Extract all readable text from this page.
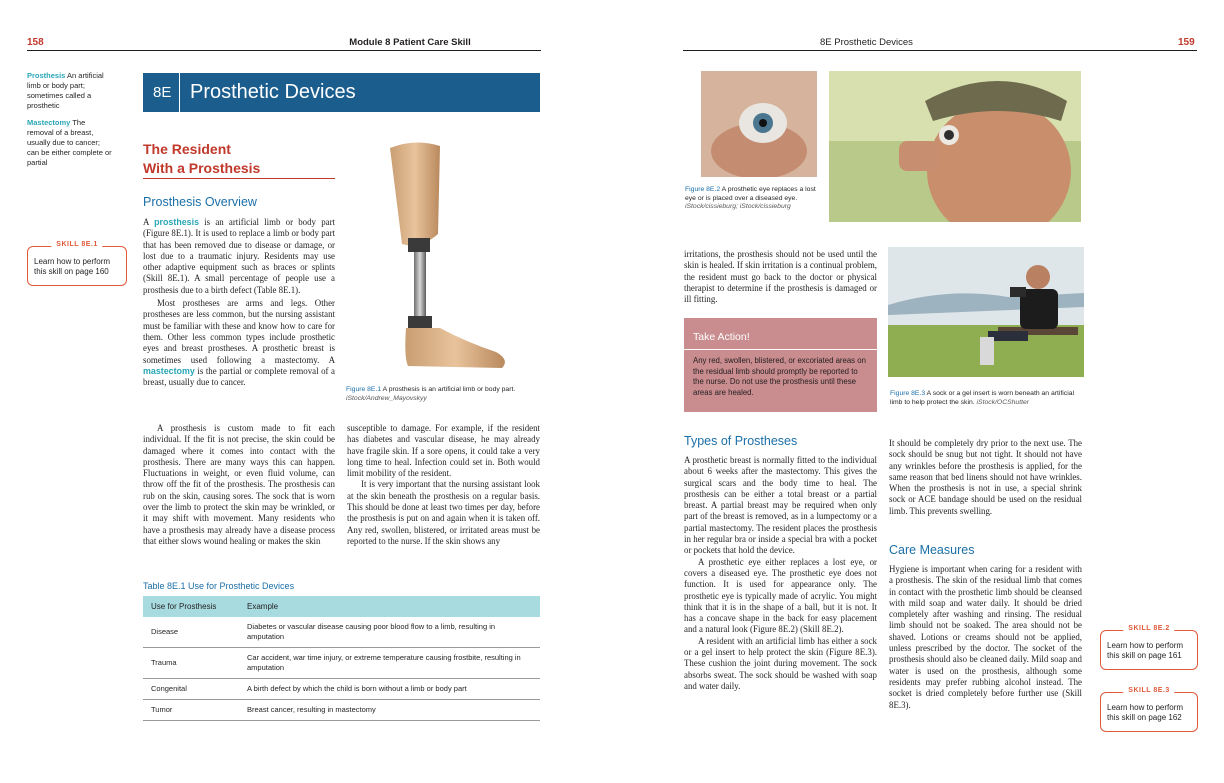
158	Module 8 Patient Care Skill
Prosthesis An artificial limb or body part; sometimes called a prosthetic
Mastectomy The removal of a breast, usually due to cancer; can be either complete or partial
SKILL 8E.1
Learn how to perform this skill on page 160
8E Prosthetic Devices
The Resident
With a Prosthesis
Prosthesis Overview

A prosthesis is an artificial limb or body part (Figure 8E.1). It is used to replace a limb or body part that has been removed due to disease or damage, or lost due to a traumatic injury. Residents may use other adaptive equipment such as braces or splints (Skill 8E.1). A small percentage of people use a prosthesis due to a birth defect (Table 8E.1).

Most prostheses are arms and legs. Other prostheses are less common, but the nursing assistant must be familiar with these and know how to care for them. Other less common types include prosthetic eyes and breast prostheses. A prosthetic breast is sometimes used following a mastectomy. A mastectomy is the partial or complete removal of a breast, usually due to cancer.

Figure 8E.1 A prosthesis is an artificial limb or body part. iStock/Andrew_Mayovskyy

A prosthesis is custom made to fit each individual. If the fit is not precise, the skin could be damaged where it comes into contact with the prosthesis. There are many ways this can happen. Fluctuations in weight, or even fluid volume, can throw off the fit of the prosthesis. The prosthesis can rub on the skin, causing sores. The sock that is worn over the limb to protect the skin may be wrinkled, or it may shift with movement. Many residents who have a prosthesis may already have a disease process that either slows wound healing or makes the skin

susceptible to damage. For example, if the resident has diabetes and vascular disease, he may already have fragile skin. If a sore opens, it could take a very long time to heal. Infection could set in. Both would limit mobility of the resident.

It is very important that the nursing assistant look at the skin beneath the prosthesis on a regular basis. This should be done at least two times per day, before the prosthesis is put on and again when it is taken off. Any red, swollen, blistered, or irritated areas must be reported to the nurse. If the skin shows any

Table 8E.1 Use for Prosthetic Devices
Use for Prosthesis	Example
Disease	Diabetes or vascular disease causing poor blood flow to a limb, resulting in amputation
Trauma	Car accident, war time injury, or extreme temperature causing frostbite, resulting in amputation
Congenital	A birth defect by which the child is born without a limb or body part
Tumor	Breast cancer, resulting in mastectomy
8E Prosthetic Devices	159
Figure 8E.2 A prosthetic eye replaces a lost eye or is placed over a diseased eye. iStock/cissieburg; iStock/cissieburg

irritations, the prosthesis should not be used until the skin is healed. If skin irritation is a continual problem, the resident must go back to the doctor or physical therapist to determine if the prosthesis is damaged or ill fitting.

Take Action!
Any red, swollen, blistered, or excoriated areas on the residual limb should promptly be reported to the nurse. Do not use the prosthesis until these areas are healed.	Figure 8E.3 A sock or a gel insert is worn beneath an artificial limb to help protect the skin. iStock/OCShutter
Types of Prostheses

A prosthetic breast is normally fitted to the individual about 6 weeks after the mastectomy. This gives the surgical scars and the body time to heal. The prosthesis can be either a total breast or a partial breast. A partial breast may be required when only part of the breast is removed, as in a lumpectomy or a partial mastectomy. The resident places the prosthesis in her regular bra or inside a special bra with a pocket or pockets that hold the device.

A prosthetic eye either replaces a lost eye, or covers a diseased eye. The prosthetic eye does not function. It is used for appearance only. The prosthetic eye is typically made of acrylic. You might think that it is in the shape of a ball, but it is not. It has a concave shape in the back for easy placement and a natural look (Figure 8E.2) (Skill 8E.2).

A resident with an artificial limb has either a sock or a gel insert to help protect the skin (Figure 8E.3). These cushion the joint during movement. The sock absorbs sweat. The sock should be washed with soap and water daily.

It should be completely dry prior to the next use. The sock should be snug but not tight. It should not have any wrinkles before the prosthesis is applied, for the same reason that bed linens should not have wrinkles. When the prosthesis is not in use, a special shrink sock or ACE bandage should be used on the residual limb. This prevents swelling.

Care Measures

Hygiene is important when caring for a resident with a prosthesis. The skin of the residual limb that comes in contact with the prosthetic limb should be cleansed with mild soap and water daily. It should be dried completely after washing and rinsing. The residual limb should not be soaked. The area should not be shaved. Lotions or creams should not be applied, unless prescribed by the doctor. The socket of the prosthesis should also be cleaned daily. Mild soap and water is used on the prosthesis, although some residents may prefer rubbing alcohol instead. The socket is dried completely before further use (Skill 8E.3).

SKILL 8E.2
Learn how to perform this skill on page 161
SKILL 8E.3
Learn how to perform this skill on page 162
